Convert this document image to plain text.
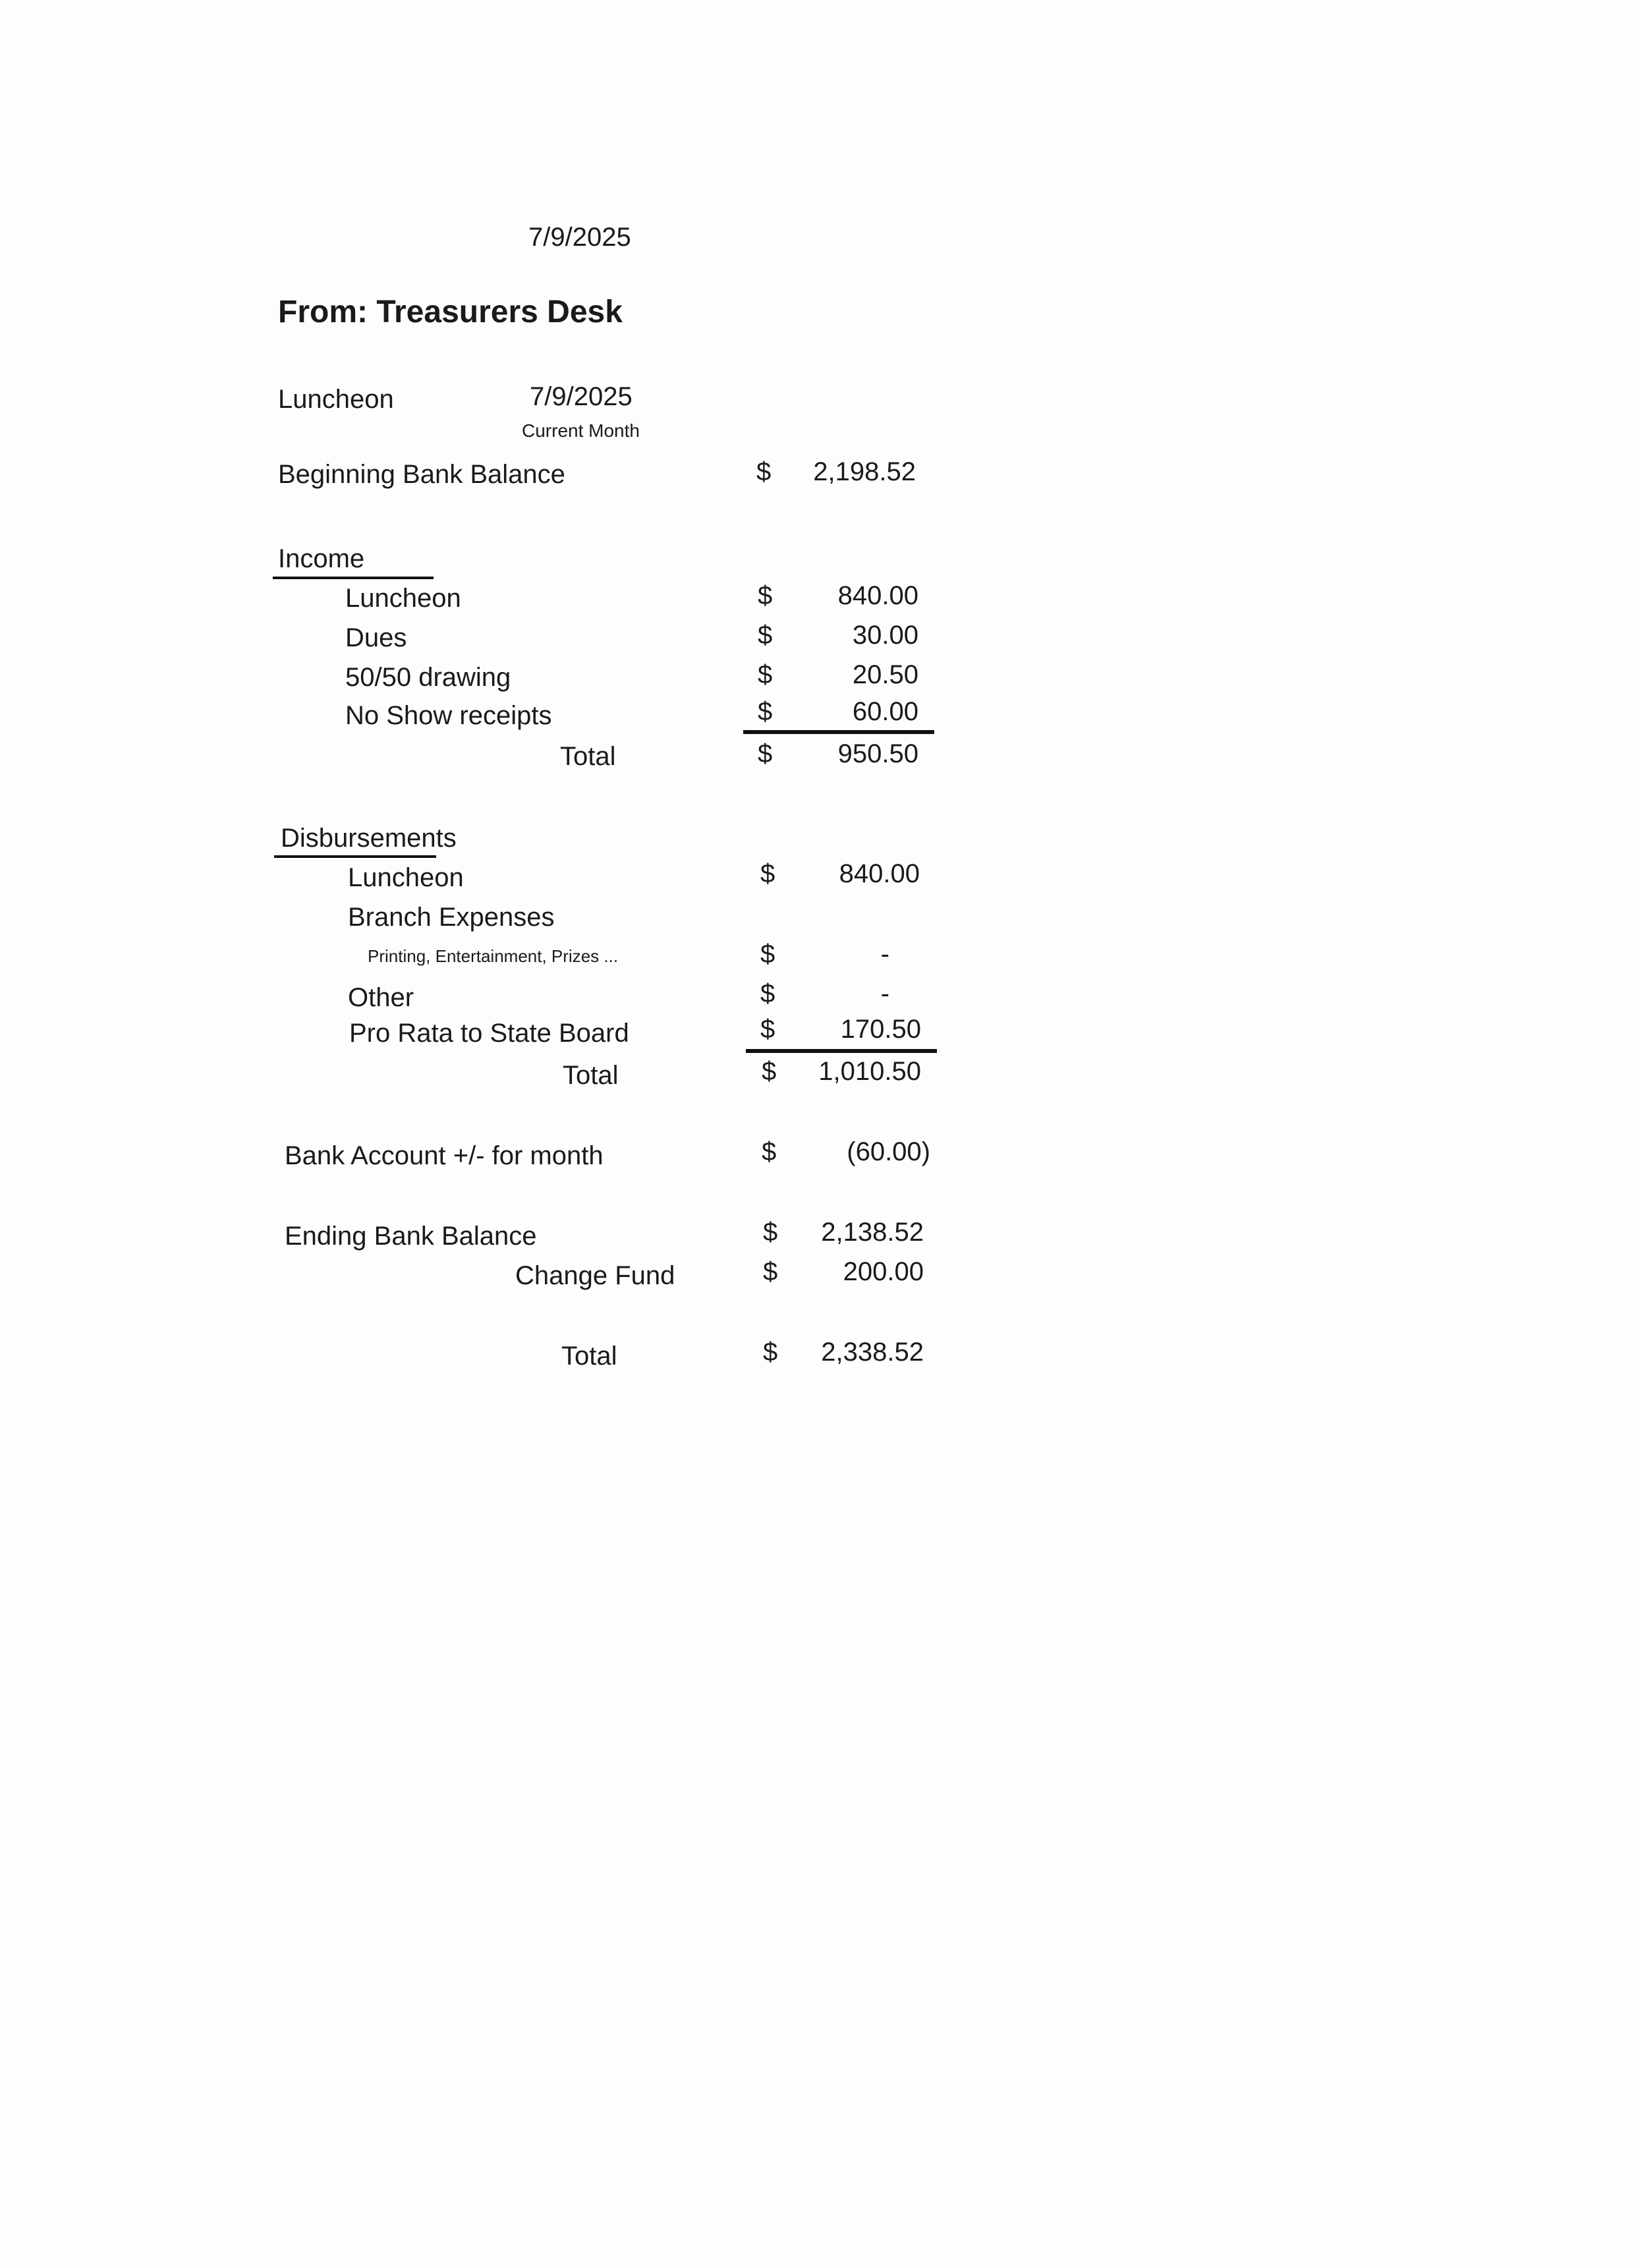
7/9/2025
From: Treasurers Desk
Luncheon	7/9/2025
Current Month
Beginning Bank Balance	$ 2,198.52
Income
Luncheon	$ 840.00
Dues	$	30.00
50/50 drawing	$	20.50
No Show receipts	$	60.00
Total	$ 950.50
Disbursements
Luncheon	$ 840.00
Branch Expenses
Printing, Entertainment, Prizes ...	$	-
Other	$	-
Pro Rata to State Board	$ 170.50
Total	$ 1,010.50
Bank Account +/- for month	$	(60.00)
Ending Bank Balance	$ 2,138.52
Change Fund	$ 200.00
Total	$ 2,338.52
